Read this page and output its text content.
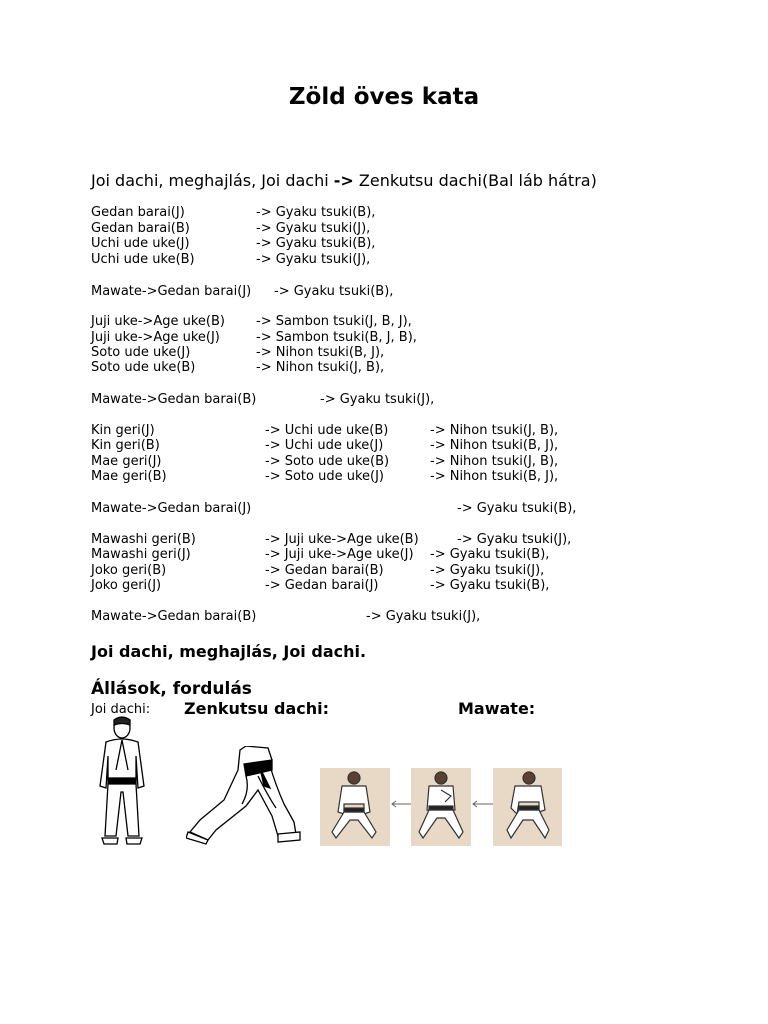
Zöld öves kata
Joi dachi, meghajlás, Joi dachi -> Zenkutsu dachi(Bal láb hátra)
Gedan barai(J)	-> Gyaku tsuki(B),
Gedan barai(B)	-> Gyaku tsuki(J),
Uchi ude uke(J)	-> Gyaku tsuki(B),
Uchi ude uke(B)	-> Gyaku tsuki(J),
Mawate->Gedan barai(J) -> Gyaku tsuki(B),
Juji uke->Age uke(B) -> Sambon tsuki(J, B, J),
Juji uke->Age uke(J)	-> Sambon tsuki(B, J, B),
Soto ude uke(J)	-> Nihon tsuki(B, J),
Soto ude uke(B)	-> Nihon tsuki(J, B),
Mawate->Gedan barai(B)	-> Gyaku tsuki(J),
Kin geri(J)	-> Uchi ude uke(B)	-> Nihon tsuki(J, B),
Kin geri(B)	-> Uchi ude uke(J)	-> Nihon tsuki(B, J),
Mae geri(J)	-> Soto ude uke(B)	-> Nihon tsuki(J, B),
Mae geri(B)	-> Soto ude uke(J)	-> Nihon tsuki(B, J),
Mawate->Gedan barai(J)	-> Gyaku tsuki(B),
Mawashi geri(B)	-> Juji uke->Age uke(B)	-> Gyaku tsuki(J),
Mawashi geri(J)	-> Juji uke->Age uke(J) -> Gyaku tsuki(B),
Joko geri(B)	-> Gedan barai(B)	-> Gyaku tsuki(J),
Joko geri(J)	-> Gedan barai(J)	-> Gyaku tsuki(B),
Mawate->Gedan barai(B)	-> Gyaku tsuki(J),
Joi dachi, meghajlás, Joi dachi.
Állások, fordulás
Joi dachi: Zenkutsu dachi:	Mawate:
